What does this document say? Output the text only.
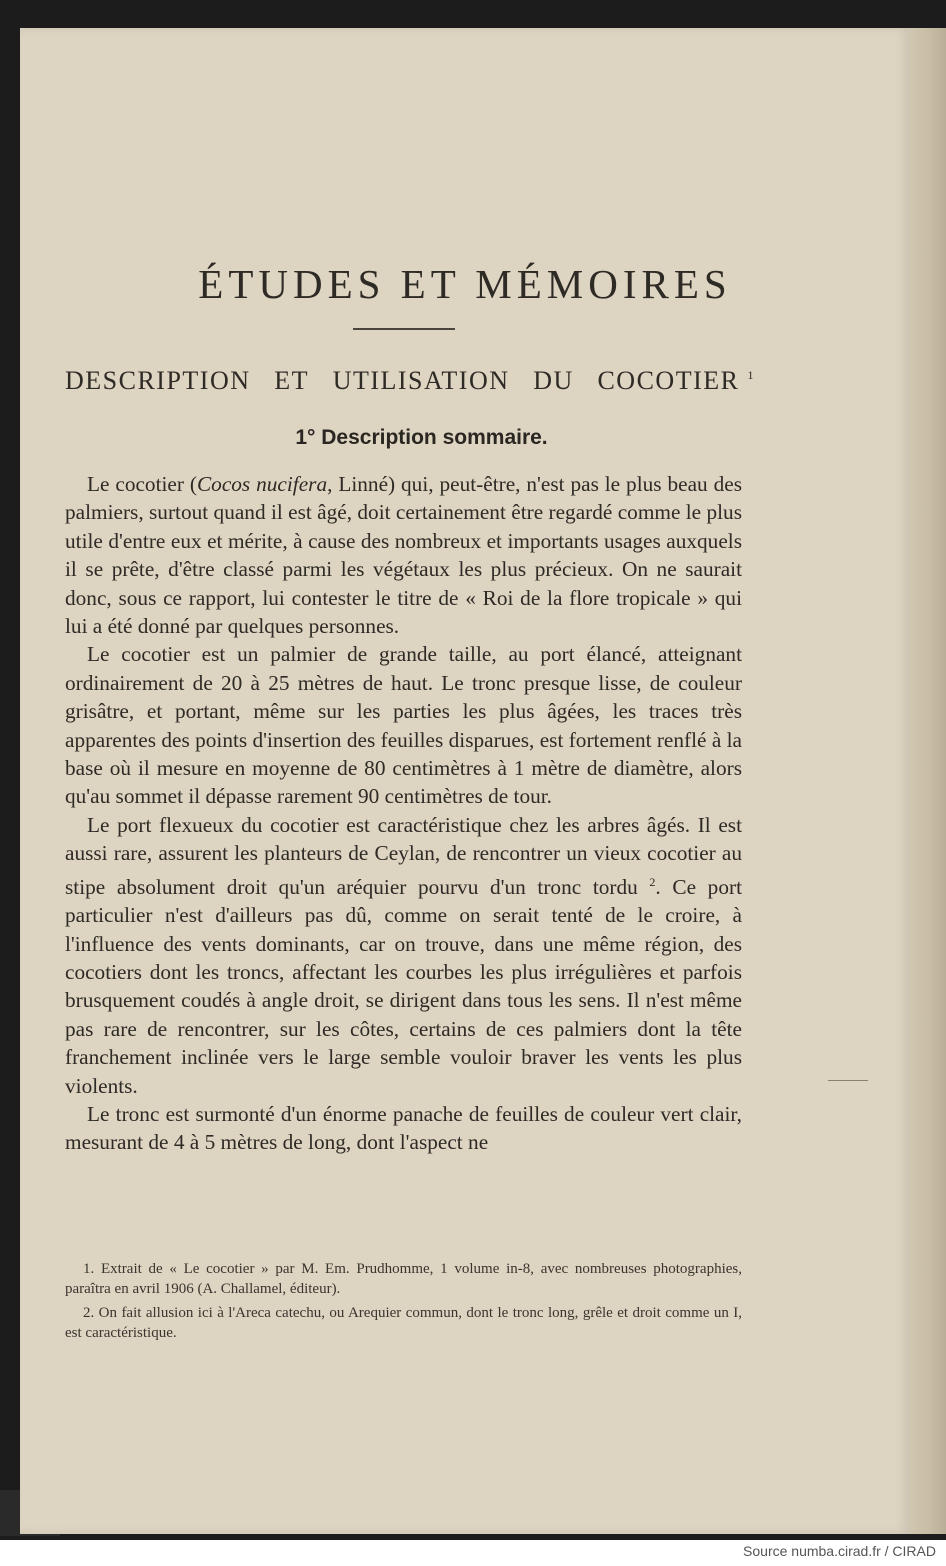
ÉTUDES ET MÉMOIRES
DESCRIPTION ET UTILISATION DU COCOTIER $^1$
1° Description sommaire.

Le cocotier (Cocos nucifera, Linné) qui, peut-être, n'est pas le plus beau des palmiers, surtout quand il est âgé, doit certainement être regardé comme le plus utile d'entre eux et mérite, à cause des nombreux et importants usages auxquels il se prête, d'être classé parmi les végétaux les plus précieux. On ne saurait donc, sous ce rapport, lui contester le titre de « Roi de la flore tropicale » qui lui a été donné par quelques personnes.

Le cocotier est un palmier de grande taille, au port élancé, atteignant ordinairement de 20 à 25 mètres de haut. Le tronc presque lisse, de couleur grisâtre, et portant, même sur les parties les plus âgées, les traces très apparentes des points d'insertion des feuilles disparues, est fortement renflé à la base où il mesure en moyenne de 80 centimètres à 1 mètre de diamètre, alors qu'au sommet il dépasse rarement 90 centimètres de tour.

Le port flexueux du cocotier est caractéristique chez les arbres âgés. Il est aussi rare, assurent les planteurs de Ceylan, de rencontrer un vieux cocotier au stipe absolument droit qu'un aréquier pourvu d'un tronc tordu $^2$. Ce port particulier n'est d'ailleurs pas dû, comme on serait tenté de le croire, à l'influence des vents dominants, car on trouve, dans une même région, des cocotiers dont les troncs, affectant les courbes les plus irrégulières et parfois brusquement coudés à angle droit, se dirigent dans tous les sens. Il n'est même pas rare de rencontrer, sur les côtes, certains de ces palmiers dont la tête franchement inclinée vers le large semble vouloir braver les vents les plus violents.

Le tronc est surmonté d'un énorme panache de feuilles de couleur vert clair, mesurant de 4 à 5 mètres de long, dont l'aspect ne

1. Extrait de « Le cocotier » par M. Em. Prudhomme, 1 volume in-8, avec nombreuses photographies, paraîtra en avril 1906 (A. Challamel, éditeur).

2. On fait allusion ici à l'Areca catechu, ou Arequier commun, dont le tronc long, grêle et droit comme un I, est caractéristique.

Source numba.cirad.fr / CIRAD
